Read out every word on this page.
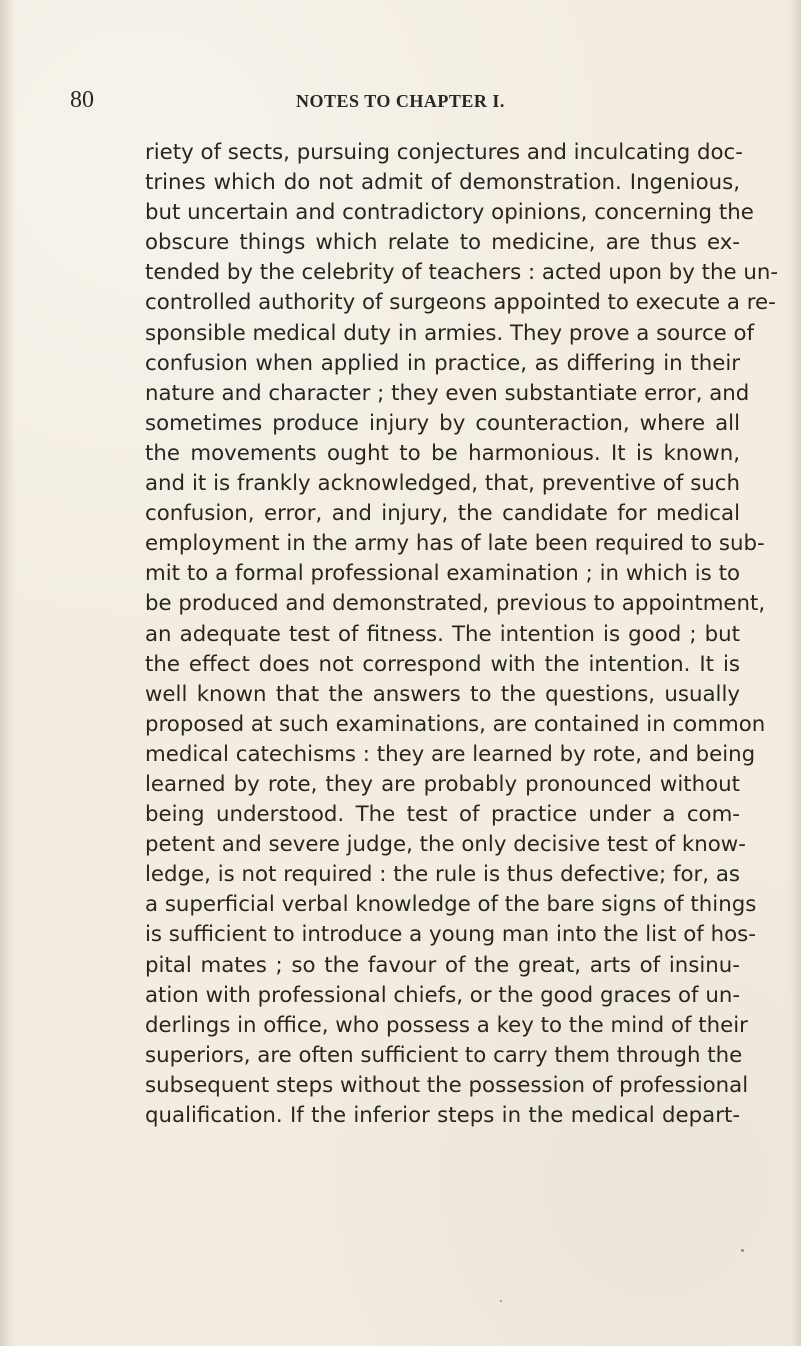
80	NOTES TO CHAPTER I.
riety of sects, pursuing conjectures and inculcating doc-
trines which do not admit of demonstration. Ingenious,
but uncertain and contradictory opinions, concerning the
obscure things which relate to medicine, are thus ex-
tended by the celebrity of teachers : acted upon by the un-
controlled authority of surgeons appointed to execute a re-
sponsible medical duty in armies. They prove a source of
confusion when applied in practice, as differing in their
nature and character ; they even substantiate error, and
sometimes produce injury by counteraction, where all
the movements ought to be harmonious. It is known,
and it is frankly acknowledged, that, preventive of such
confusion, error, and injury, the candidate for medical
employment in the army has of late been required to sub-
mit to a formal professional examination ; in which is to
be produced and demonstrated, previous to appointment,
an adequate test of fitness. The intention is good ; but
the effect does not correspond with the intention. It is
well known that the answers to the questions, usually
proposed at such examinations, are contained in common
medical catechisms : they are learned by rote, and being
learned by rote, they are probably pronounced without
being understood. The test of practice under a com-
petent and severe judge, the only decisive test of know-
ledge, is not required : the rule is thus defective; for, as
a superficial verbal knowledge of the bare signs of things
is sufficient to introduce a young man into the list of hos-
pital mates ; so the favour of the great, arts of insinu-
ation with professional chiefs, or the good graces of un-
derlings in office, who possess a key to the mind of their
superiors, are often sufficient to carry them through the
subsequent steps without the possession of professional
qualification. If the inferior steps in the medical depart-
